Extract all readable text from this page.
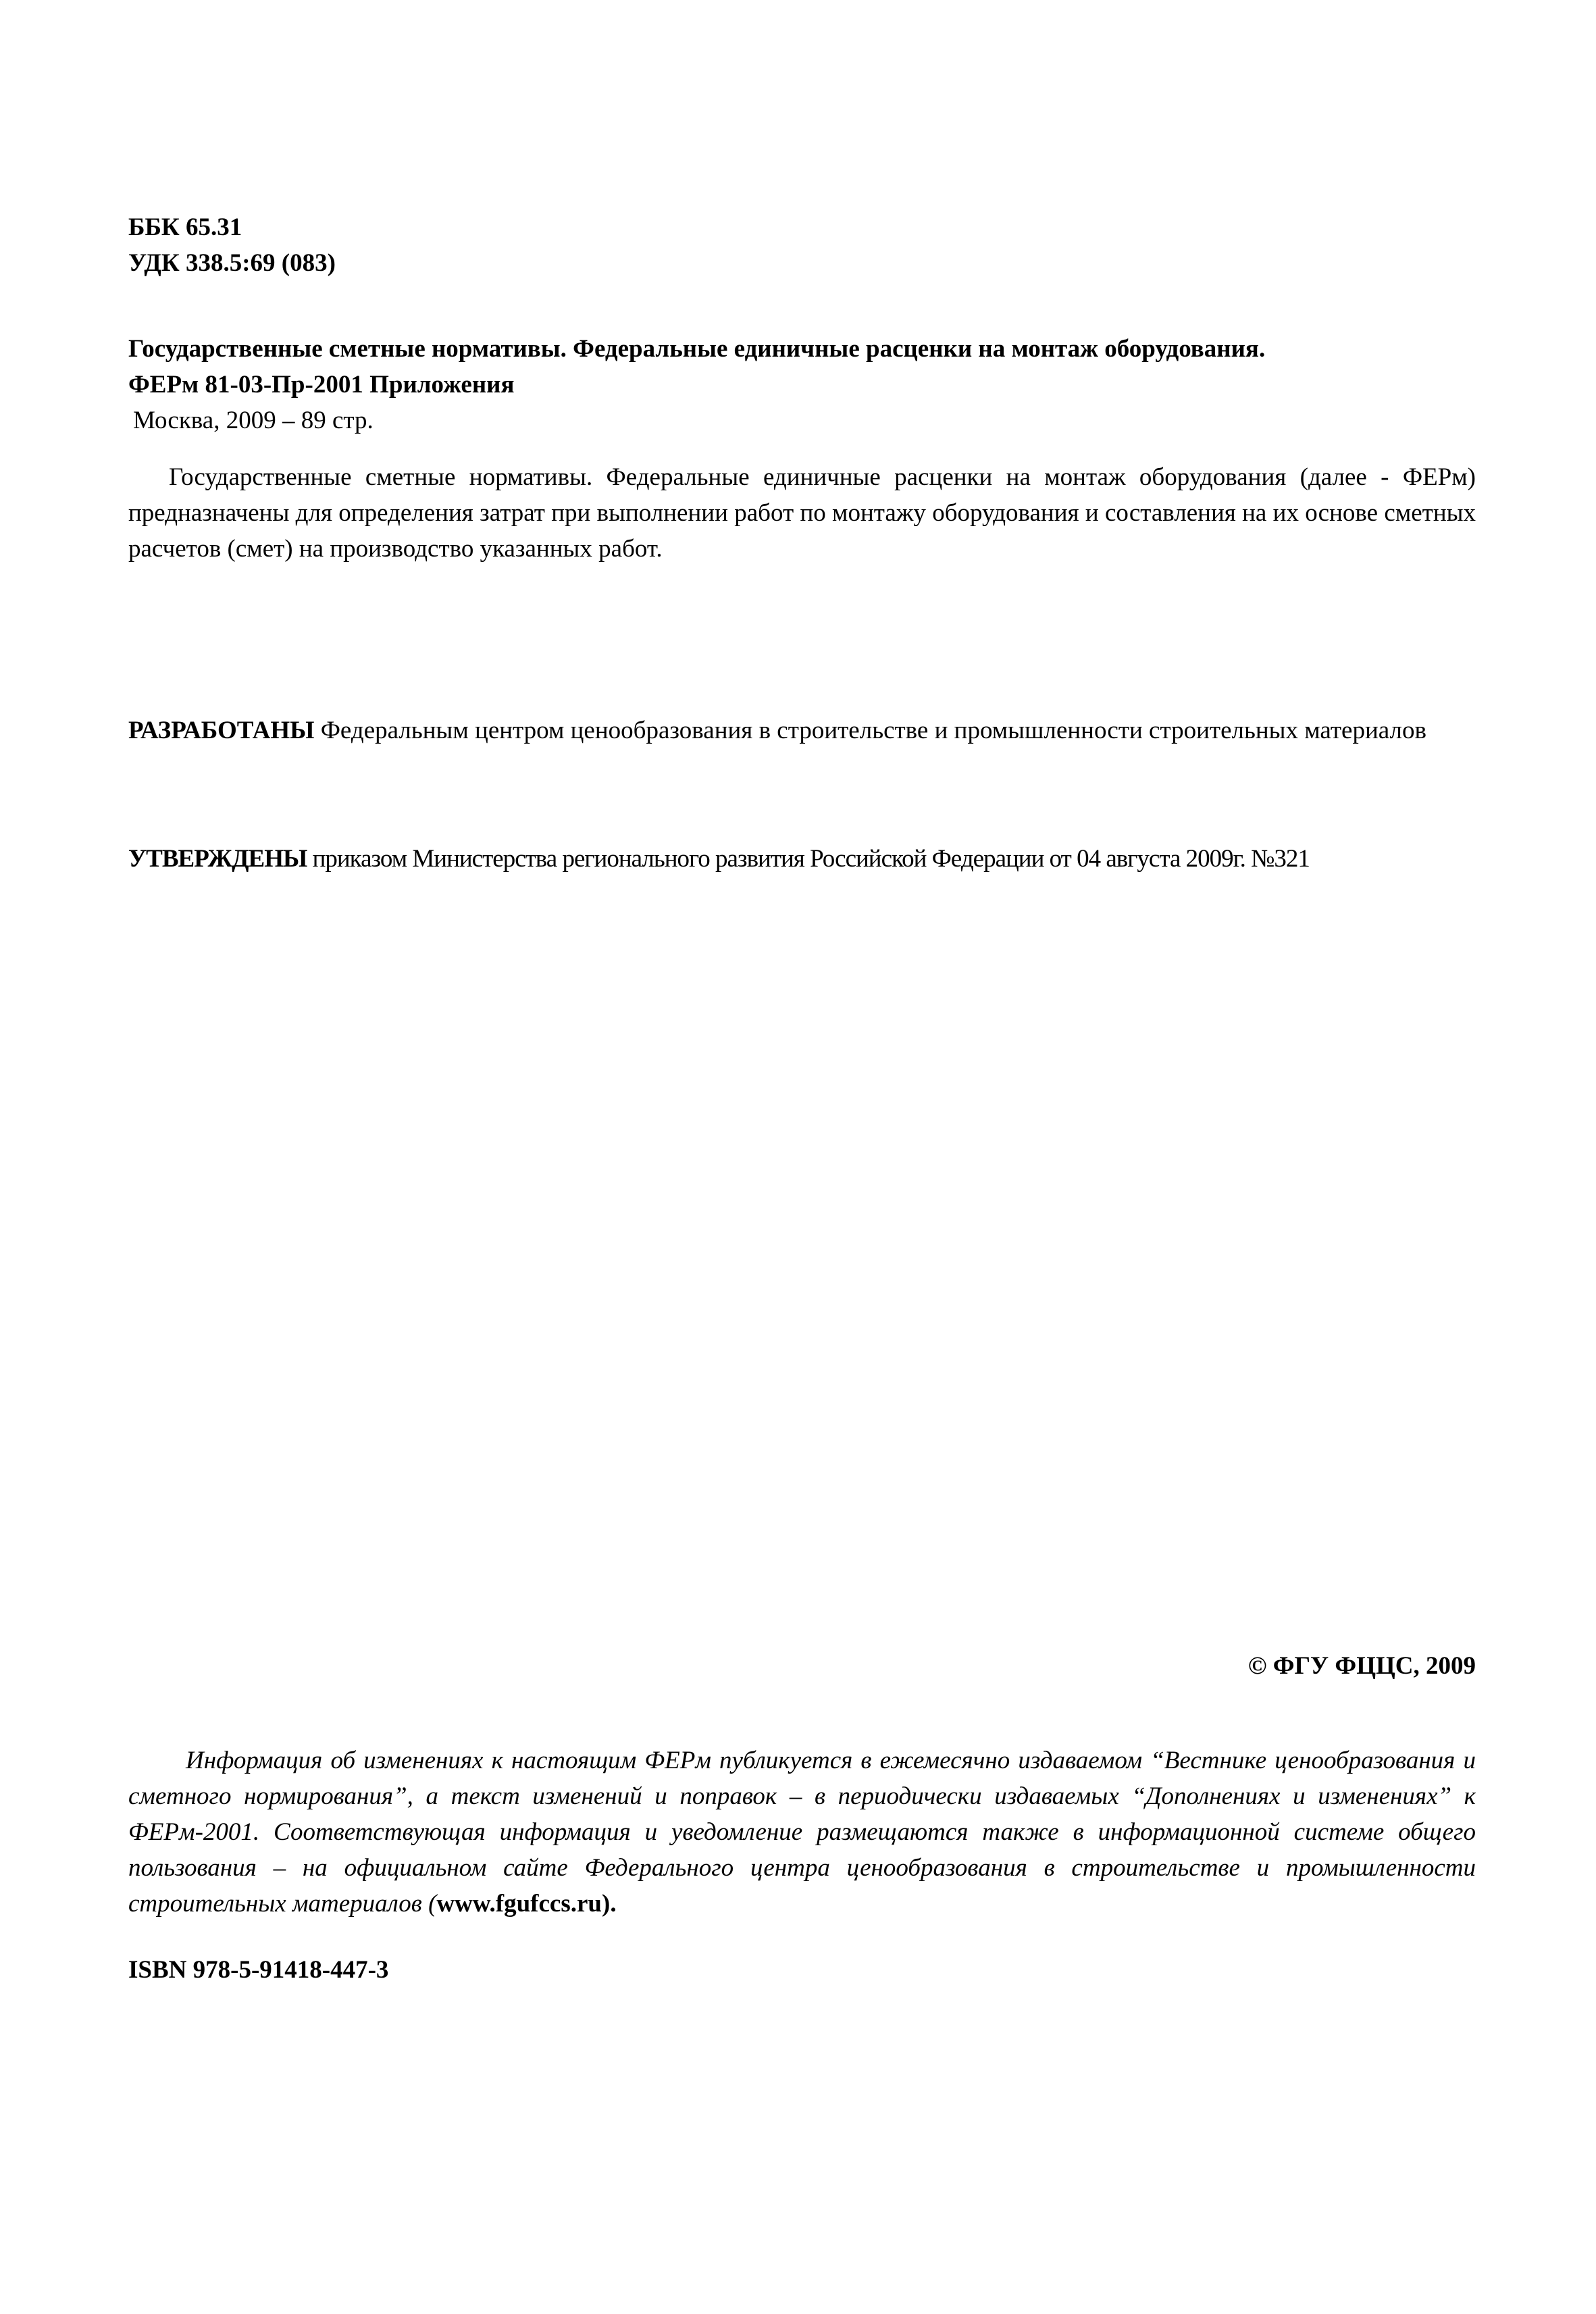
ББК 65.31
УДК 338.5:69 (083)
Государственные сметные нормативы. Федеральные единичные расценки на монтаж оборудования.
ФЕРм 81-03-Пр-2001 Приложения
Москва, 2009 – 89 стр.

Государственные сметные нормативы. Федеральные единичные расценки на монтаж оборудования (далее - ФЕРм) предназначены для определения затрат при выполнении работ по монтажу оборудования и составления на их основе сметных расчетов (смет) на производство указанных работ.

РАЗРАБОТАНЫ Федеральным центром ценообразования в строительстве и промышленности строительных материалов

УТВЕРЖДЕНЫ приказом Министерства регионального развития Российской Федерации от 04 августа 2009г. №321

© ФГУ ФЦЦС, 2009

Информация об изменениях к настоящим ФЕРм публикуется в ежемесячно издаваемом “Вестнике ценообразования и сметного нормирования”, а текст изменений и поправок – в периодически издаваемых “Дополнениях и изменениях” к ФЕРм-2001. Соответствующая информация и уведомление размещаются также в информационной системе общего пользования – на официальном сайте Федерального центра ценообразования в строительстве и промышленности строительных материалов (www.fgufccs.ru).

ISBN 978-5-91418-447-3
